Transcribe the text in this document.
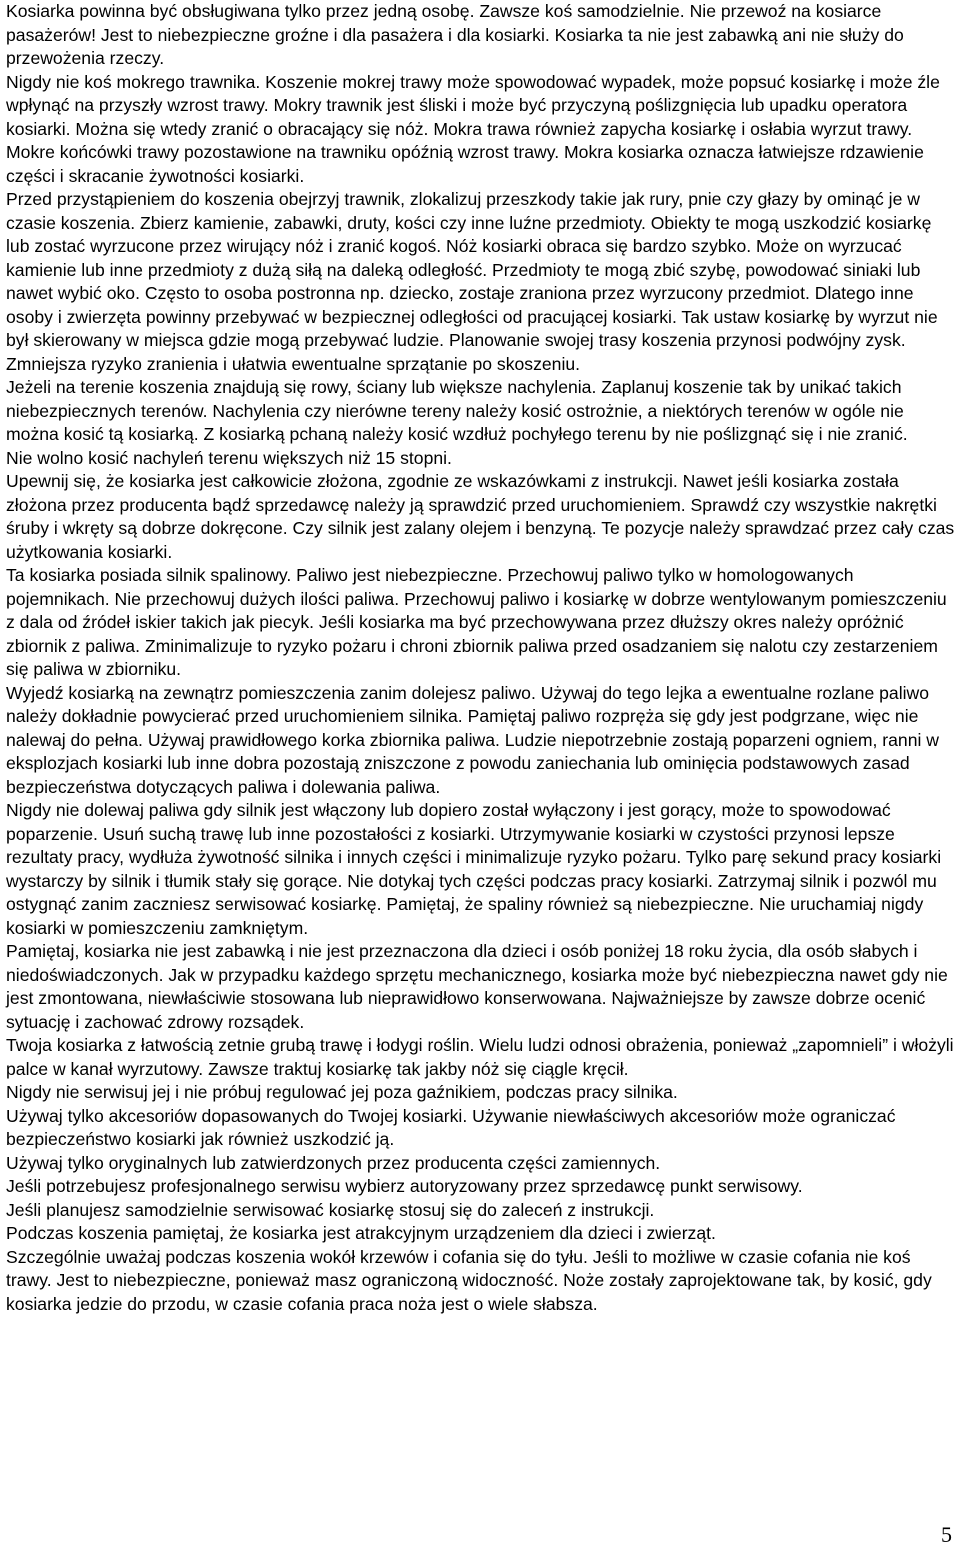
Kosiarka powinna być obsługiwana tylko przez jedną osobę. Zawsze koś samodzielnie. Nie przewoź na kosiarce pasażerów! Jest to niebezpieczne groźne i dla pasażera i dla kosiarki. Kosiarka ta nie jest zabawką ani nie służy do przewożenia rzeczy.

Nigdy nie koś mokrego trawnika. Koszenie mokrej trawy może spowodować wypadek, może popsuć kosiarkę i może źle wpłynąć na przyszły wzrost trawy. Mokry trawnik jest śliski i może być przyczyną poślizgnięcia lub upadku operatora kosiarki. Można się wtedy zranić o obracający się nóż. Mokra trawa również zapycha kosiarkę i osłabia wyrzut trawy. Mokre końcówki trawy pozostawione na trawniku opóźnią wzrost trawy. Mokra kosiarka oznacza łatwiejsze rdzawienie części i skracanie żywotności kosiarki.

Przed przystąpieniem do koszenia obejrzyj trawnik, zlokalizuj przeszkody takie jak rury, pnie czy głazy by ominąć je w czasie koszenia. Zbierz kamienie, zabawki, druty, kości czy inne luźne przedmioty. Obiekty te mogą uszkodzić kosiarkę lub zostać wyrzucone przez wirujący nóż i zranić kogoś. Nóż kosiarki obraca się bardzo szybko. Może on wyrzucać kamienie lub inne przedmioty z dużą siłą na daleką odległość. Przedmioty te mogą zbić szybę, powodować siniaki lub nawet wybić oko. Często to osoba postronna np. dziecko, zostaje zraniona przez wyrzucony przedmiot. Dlatego inne osoby i zwierzęta powinny przebywać w bezpiecznej odległości od pracującej kosiarki. Tak ustaw kosiarkę by wyrzut nie był skierowany w miejsca gdzie mogą przebywać ludzie. Planowanie swojej trasy koszenia przynosi podwójny zysk. Zmniejsza ryzyko zranienia i ułatwia ewentualne sprzątanie po skoszeniu.

Jeżeli na terenie koszenia znajdują się rowy, ściany lub większe nachylenia. Zaplanuj koszenie tak by unikać takich niebezpiecznych terenów. Nachylenia czy nierówne tereny należy kosić ostrożnie, a niektórych terenów w ogóle nie można kosić tą kosiarką. Z kosiarką pchaną należy kosić wzdłuż pochyłego terenu by nie poślizgnąć się i nie zranić.

Nie wolno kosić nachyleń terenu większych niż 15 stopni.

Upewnij się, że kosiarka jest całkowicie złożona, zgodnie ze wskazówkami z instrukcji. Nawet jeśli kosiarka została złożona przez producenta bądź sprzedawcę należy ją sprawdzić przed uruchomieniem. Sprawdź czy wszystkie nakrętki śruby i wkręty są dobrze dokręcone. Czy silnik jest zalany olejem i benzyną. Te pozycje należy sprawdzać przez cały czas użytkowania kosiarki.

Ta kosiarka posiada silnik spalinowy. Paliwo jest niebezpieczne. Przechowuj paliwo tylko w homologowanych pojemnikach. Nie przechowuj dużych ilości paliwa. Przechowuj paliwo i kosiarkę w dobrze wentylowanym pomieszczeniu z dala od źródeł iskier takich jak piecyk. Jeśli kosiarka ma być przechowywana przez dłuższy okres należy opróżnić zbiornik z paliwa. Zminimalizuje to ryzyko pożaru i chroni zbiornik paliwa przed osadzaniem się nalotu czy zestarzeniem się paliwa w zbiorniku.

Wyjedź kosiarką na zewnątrz pomieszczenia zanim dolejesz paliwo. Używaj do tego lejka a ewentualne rozlane paliwo należy dokładnie powycierać przed uruchomieniem silnika. Pamiętaj paliwo rozpręża się gdy jest podgrzane, więc nie nalewaj do pełna. Używaj prawidłowego korka zbiornika paliwa. Ludzie niepotrzebnie zostają poparzeni ogniem, ranni w eksplozjach kosiarki lub inne dobra pozostają zniszczone z powodu zaniechania lub ominięcia podstawowych zasad bezpieczeństwa dotyczących paliwa i dolewania paliwa.

Nigdy nie dolewaj paliwa gdy silnik jest włączony lub dopiero został wyłączony i jest gorący, może to spowodować poparzenie. Usuń suchą trawę lub inne pozostałości z kosiarki. Utrzymywanie kosiarki w czystości przynosi lepsze rezultaty pracy, wydłuża żywotność silnika i innych części i minimalizuje ryzyko pożaru. Tylko parę sekund pracy kosiarki wystarczy by silnik i tłumik stały się gorące. Nie dotykaj tych części podczas pracy kosiarki. Zatrzymaj silnik i pozwól mu ostygnąć zanim zaczniesz serwisować kosiarkę. Pamiętaj, że spaliny również są niebezpieczne. Nie uruchamiaj nigdy kosiarki w pomieszczeniu zamkniętym.

Pamiętaj, kosiarka nie jest zabawką i nie jest przeznaczona dla dzieci i osób poniżej 18 roku życia, dla osób słabych i niedoświadczonych. Jak w przypadku każdego sprzętu mechanicznego, kosiarka może być niebezpieczna nawet gdy nie jest zmontowana, niewłaściwie stosowana lub nieprawidłowo konserwowana. Najważniejsze by zawsze dobrze ocenić sytuację i zachować zdrowy rozsądek.

Twoja kosiarka z łatwością zetnie grubą trawę i łodygi roślin. Wielu ludzi odnosi obrażenia, ponieważ „zapomnieli” i włożyli palce w kanał wyrzutowy. Zawsze traktuj kosiarkę tak jakby nóż się ciągle kręcił.

Nigdy nie serwisuj jej i nie próbuj regulować jej poza gaźnikiem, podczas pracy silnika.

Używaj tylko akcesoriów dopasowanych do Twojej kosiarki. Używanie niewłaściwych akcesoriów może ograniczać bezpieczeństwo kosiarki jak również uszkodzić ją.

Używaj tylko oryginalnych lub zatwierdzonych przez producenta części zamiennych.

Jeśli potrzebujesz profesjonalnego serwisu wybierz autoryzowany przez sprzedawcę punkt serwisowy.

Jeśli planujesz samodzielnie serwisować kosiarkę stosuj się do zaleceń z instrukcji.

Podczas koszenia pamiętaj, że kosiarka jest atrakcyjnym urządzeniem dla dzieci i zwierząt.

Szczególnie uważaj podczas koszenia wokół krzewów i cofania się do tyłu. Jeśli to możliwe w czasie cofania nie koś trawy. Jest to niebezpieczne, ponieważ masz ograniczoną widoczność. Noże zostały zaprojektowane tak, by kosić, gdy kosiarka jedzie do przodu, w czasie cofania praca noża jest o wiele słabsza.

5
